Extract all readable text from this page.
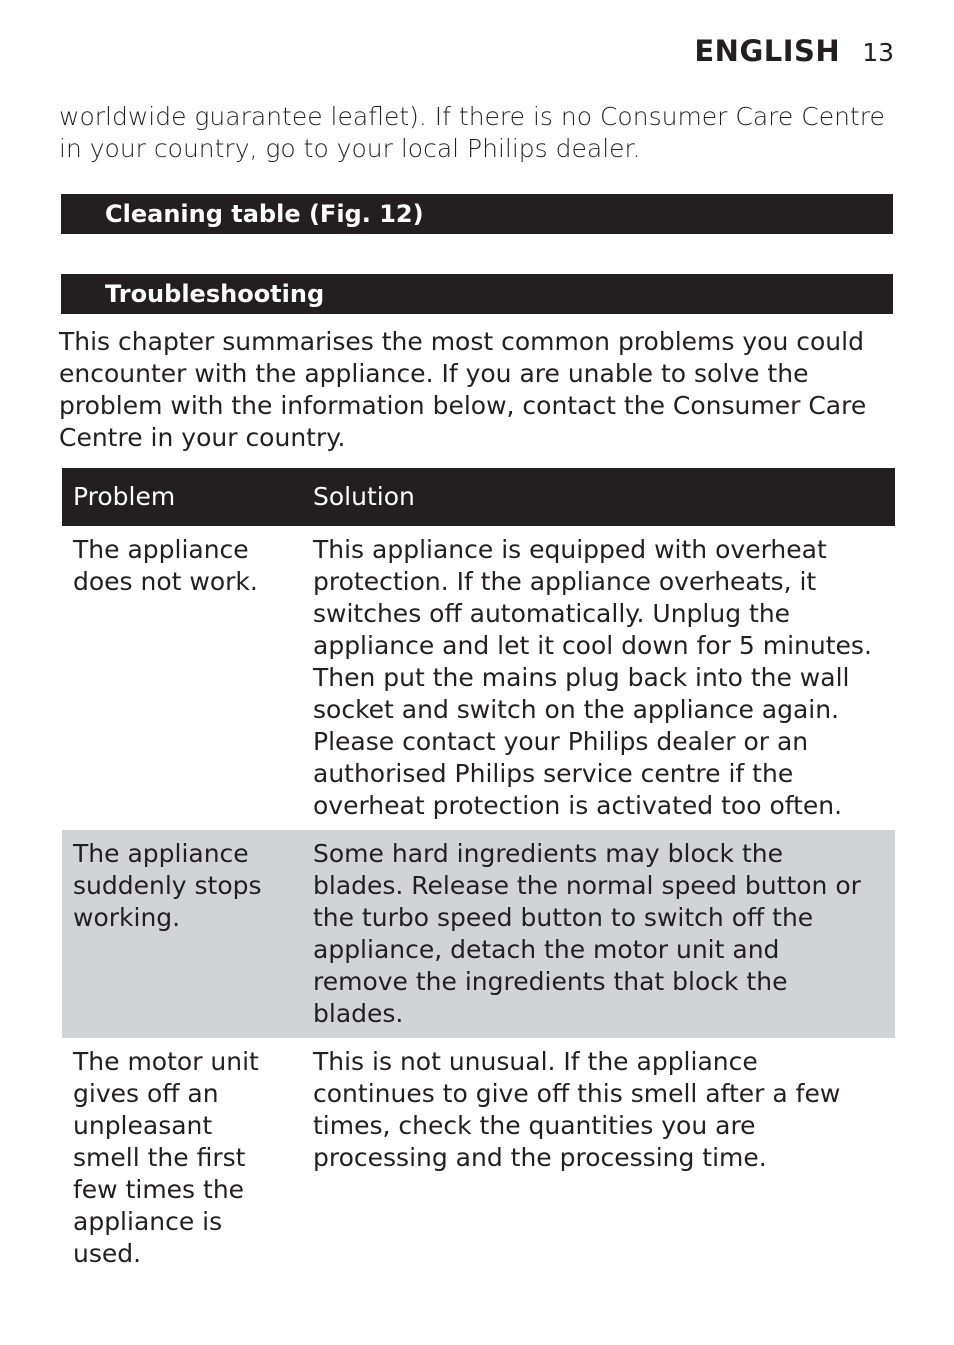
ENGLISH 13

worldwide guarantee leaflet). If there is no Consumer Care Centre in your country, go to your local Philips dealer.

Cleaning table (Fig. 12)
Troubleshooting

This chapter summarises the most common problems you could encounter with the appliance. If you are unable to solve the problem with the information below, contact the Consumer Care Centre in your country.

Problem	Solution
The appliance does not work.	This appliance is equipped with overheat protection. If the appliance overheats, it switches off automatically. Unplug the appliance and let it cool down for 5 minutes. Then put the mains plug back into the wall socket and switch on the appliance again. Please contact your Philips dealer or an authorised Philips service centre if the overheat protection is activated too often.
The appliance suddenly stops working.	Some hard ingredients may block the blades. Release the normal speed button or the turbo speed button to switch off the appliance, detach the motor unit and remove the ingredients that block the blades.
The motor unit gives off an unpleasant smell the first few times the appliance is used.	This is not unusual. If the appliance continues to give off this smell after a few times, check the quantities you are processing and the processing time.
